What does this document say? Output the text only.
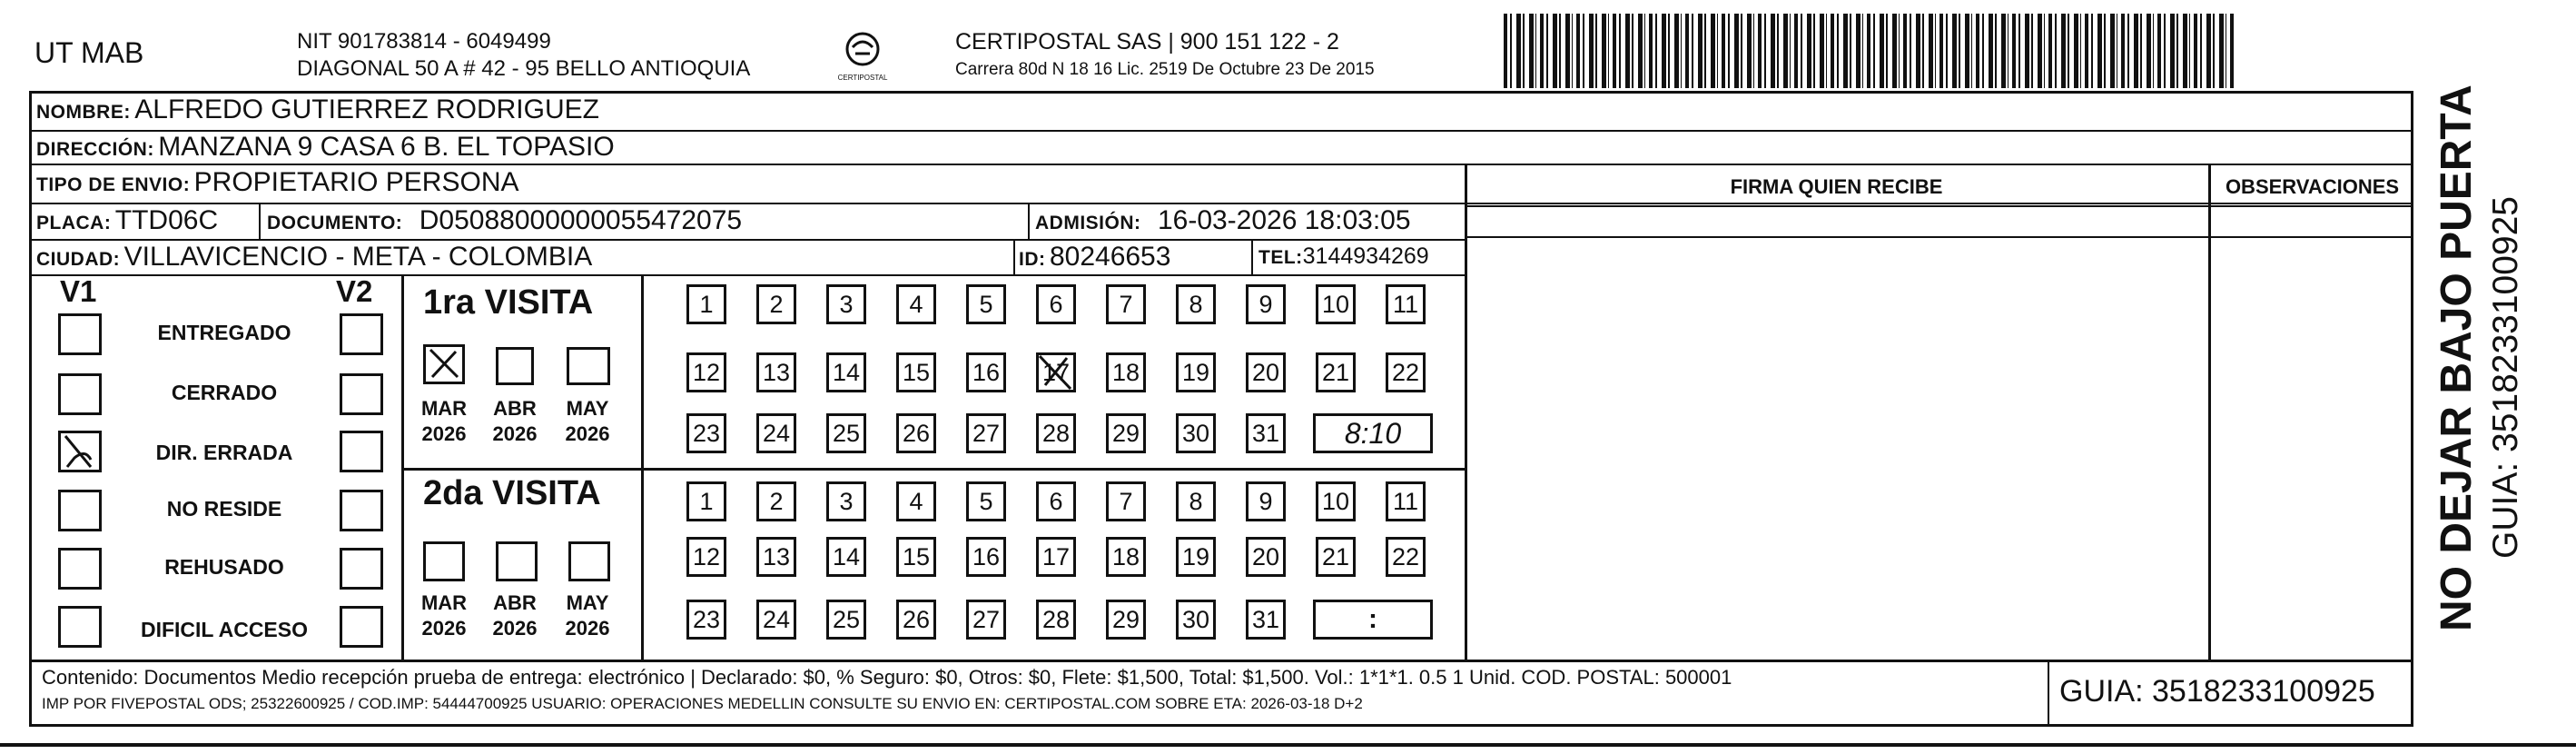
UT MAB	NIT 901783814 - 6049499
DIAGONAL 50 A # 42 - 95 BELLO ANTIOQUIA	CERTIPOSTAL
CERTIPOSTAL SAS | 900 151 122 - 2
Carrera 80d N 18 16 Lic. 2519 De Octubre 23 De 2015
NOMBRE: ALFREDO GUTIERREZ RODRIGUEZ
DIRECCIÓN: MANZANA 9 CASA 6 B. EL TOPASIO
TIPO DE ENVIO: PROPIETARIO PERSONA
PLACA: TTD06C	DOCUMENTO: D05088000000055472075	ADMISIÓN: 16-03-2026 18:03:05
CIUDAD: VILLAVICENCIO - META - COLOMBIA	ID: 80246653	TEL:3144934269
FIRMA QUIEN RECIBE	OBSERVACIONES
V1	V2
ENTREGADO
CERRADO
DIR. ERRADA
NO RESIDE
REHUSADO
DIFICIL ACCESO
1ra VISITA
MAR
2026
ABR
2026
MAY
2026
1 2 3 4 5 6 7 8 9 10 11
12 13 14 15 16 17 18 19 20 21 22
23 24 25 26 27 28 29 30 31 8:10
2da VISITA
MAR
2026
ABR
2026
MAY
2026
1 2 3 4 5 6 7 8 9 10 11
12 13 14 15 16 17 18 19 20 21 22
23 24 25 26 27 28 29 30 31	:
Contenido: Documentos Medio recepción prueba de entrega: electrónico | Declarado: $0, % Seguro: $0, Otros: $0, Flete: $1,500, Total: $1,500. Vol.: 1*1*1. 0.5 1 Unid. COD. POSTAL: 500001
IMP POR FIVEPOSTAL ODS; 25322600925 / COD.IMP: 54444700925 USUARIO: OPERACIONES MEDELLIN CONSULTE SU ENVIO EN: CERTIPOSTAL.COM SOBRE ETA: 2026-03-18 D+2	GUIA: 3518233100925
NO DEJAR BAJO PUERTA GUIA: 3518233100925
